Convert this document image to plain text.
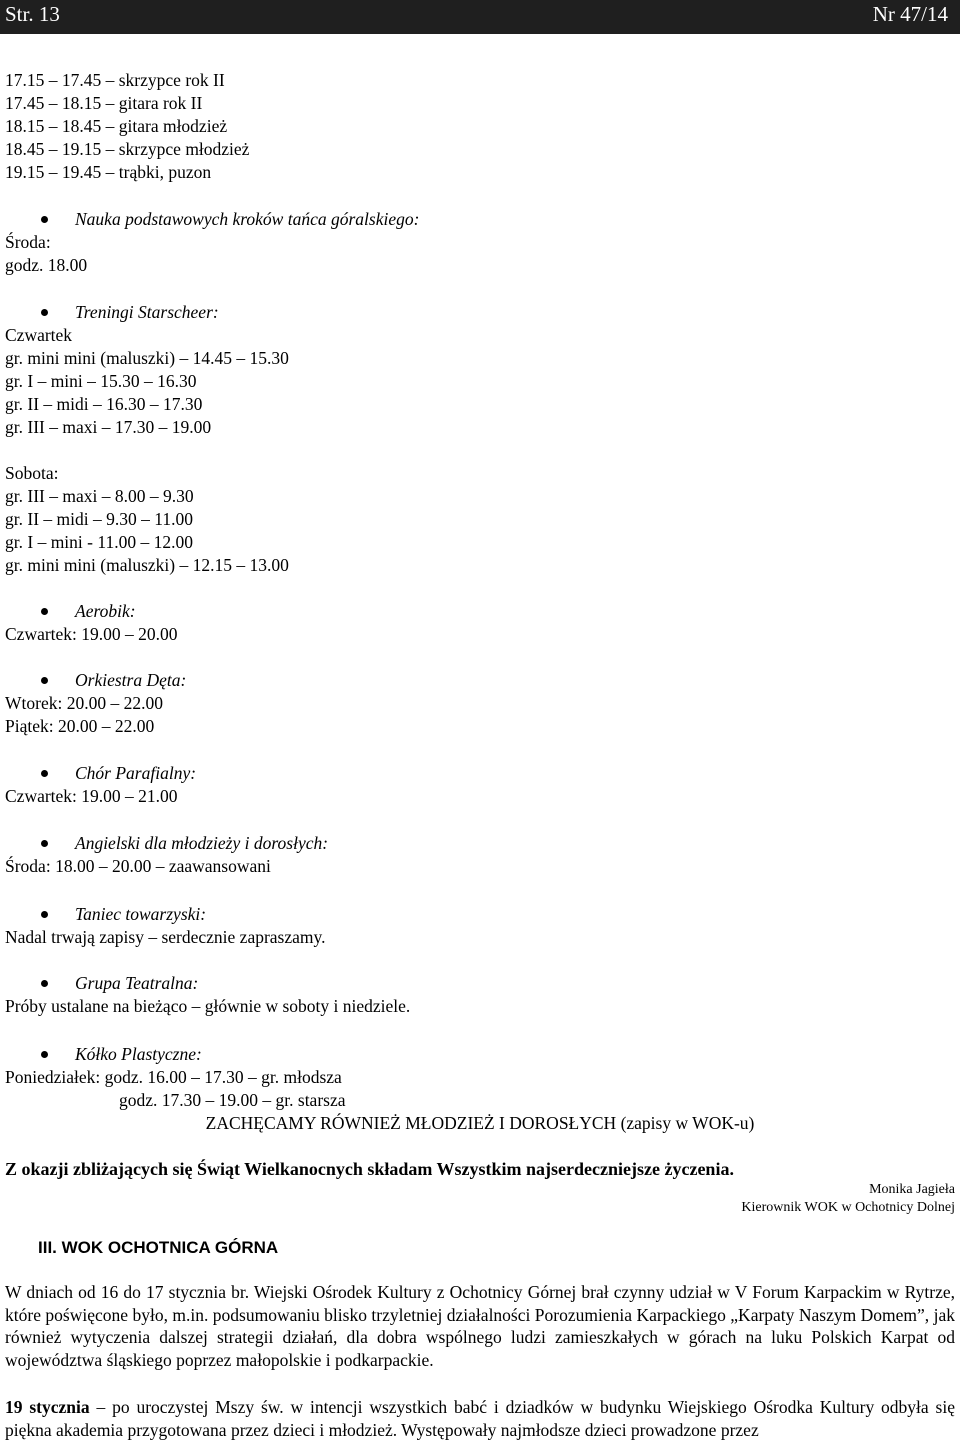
Str. 13	Nr 47/14
17.15 – 17.45 – skrzypce rok II
17.45 – 18.15 – gitara rok II
18.15 – 18.45 – gitara młodzież
18.45 – 19.15 – skrzypce młodzież
19.15 – 19.45 – trąbki, puzon
Nauka podstawowych kroków tańca góralskiego:
Środa:
godz. 18.00
Treningi Starscheer:
Czwartek
gr. mini mini (maluszki) – 14.45 – 15.30
gr. I – mini – 15.30 – 16.30
gr. II – midi – 16.30 – 17.30
gr. III – maxi – 17.30 – 19.00
Sobota:
gr. III – maxi – 8.00 – 9.30
gr. II – midi – 9.30 – 11.00
gr. I – mini - 11.00 – 12.00
gr. mini mini (maluszki) – 12.15 – 13.00
Aerobik:
Czwartek: 19.00 – 20.00
Orkiestra Dęta:
Wtorek: 20.00 – 22.00
Piątek: 20.00 – 22.00
Chór Parafialny:
Czwartek: 19.00 – 21.00
Angielski dla młodzieży i dorosłych:
Środa: 18.00 – 20.00 – zaawansowani
Taniec towarzyski:
Nadal trwają zapisy – serdecznie zapraszamy.
Grupa Teatralna:
Próby ustalane na bieżąco – głównie w soboty i niedziele.
Kółko Plastyczne:
Poniedziałek: godz. 16.00 – 17.30 – gr. młodsza
godz. 17.30 – 19.00 – gr. starsza
ZACHĘCAMY RÓWNIEŻ MŁODZIEŻ I DOROSŁYCH (zapisy w WOK-u)
Z okazji zbliżających się Świąt Wielkanocnych składam Wszystkim najserdeczniejsze życzenia.
Monika Jagieła
Kierownik WOK w Ochotnicy Dolnej
III. WOK OCHOTNICA GÓRNA
W dniach od 16 do 17 stycznia br. Wiejski Ośrodek Kultury z Ochotnicy Górnej brał czynny udział w V Forum Karpackim w Rytrze, które poświęcone było, m.in. podsumowaniu blisko trzyletniej działalności Porozumienia Karpackiego „Karpaty Naszym Domem”, jak również wytyczenia dalszej strategii działań, dla dobra wspólnego ludzi zamieszkałych w górach na luku Polskich Karpat od województwa śląskiego poprzez małopolskie i podkarpackie.
19 stycznia – po uroczystej Mszy św. w intencji wszystkich babć i dziadków w budynku Wiejskiego Ośrodka Kultury odbyła się piękna akademia przygotowana przez dzieci i młodzież. Występowały najmłodsze dzieci prowadzone przez
